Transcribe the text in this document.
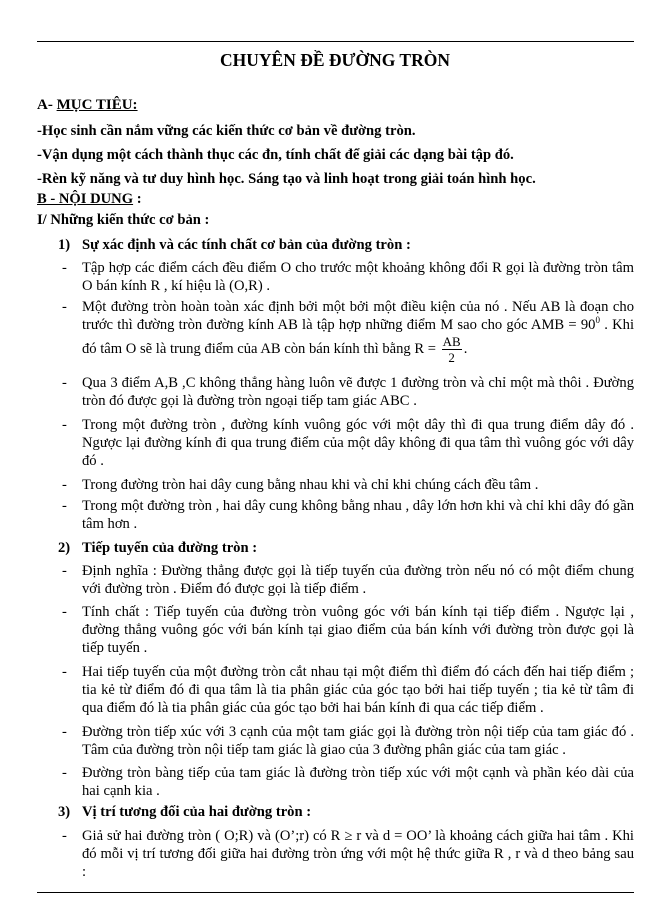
CHUYÊN ĐỀ ĐƯỜNG TRÒN
A- MỤC TIÊU:
-Học sinh cần nắm vững các kiến thức cơ bản về đường tròn.
-Vận dụng một cách thành thục các đn, tính chất để giải các dạng bài tập đó.
-Rèn kỹ năng và tư duy hình học. Sáng tạo và linh hoạt trong giải toán hình học.
B - NỘI DUNG :
I/ Những kiến thức cơ bản :
1) Sự xác định và các tính chất cơ bản của đường tròn :
- Tập hợp các điểm cách đều điểm O cho trước một khoảng không đổi R gọi là đường tròn tâm O bán kính R , kí hiệu là (O,R) .
- Một đường tròn hoàn toàn xác định bởi một bởi một điều kiện của nó . Nếu AB là đoạn cho trước thì đường tròn đường kính AB là tập hợp những điểm M sao cho góc AMB = $90^0$ . Khi đó tâm O sẽ là trung điểm của AB còn bán kính thì bằng $R = \frac{AB}{2}$ .
- Qua 3 điểm A,B ,C không thẳng hàng luôn vẽ được 1 đường tròn và chỉ một mà thôi . Đường tròn đó được gọi là đường tròn ngoại tiếp tam giác ABC .
- Trong một đường tròn , đường kính vuông góc với một dây thì đi qua trung điểm dây đó . Ngược lại đường kính đi qua trung điểm của một dây không đi qua tâm thì vuông góc với dây đó .
- Trong đường tròn hai dây cung bằng nhau khi và chỉ khi chúng cách đều tâm .
- Trong một đường tròn , hai dây cung không bằng nhau , dây lớn hơn khi và chỉ khi dây đó gần tâm hơn .
2) Tiếp tuyến của đường tròn :
- Định nghĩa : Đường thẳng được gọi là tiếp tuyến của đường tròn nếu nó có một điểm chung với đường tròn . Điểm đó được gọi là tiếp điểm .
- Tính chất : Tiếp tuyến của đường tròn vuông góc với bán kính tại tiếp điểm . Ngược lại , đường thẳng vuông góc với bán kính tại giao điểm của bán kính với đường tròn được gọi là tiếp tuyến .
- Hai tiếp tuyến của một đường tròn cắt nhau tại một điểm thì điểm đó cách đến hai tiếp điểm ; tia kẻ từ điểm đó đi qua tâm là tia phân giác của góc tạo bởi hai tiếp tuyến ; tia kẻ từ tâm đi qua điểm đó là tia phân giác của góc tạo bởi hai bán kính đi qua các tiếp điểm .
- Đường tròn tiếp xúc với 3 cạnh của một tam giác gọi là đường tròn nội tiếp của tam giác đó . Tâm của đường tròn nội tiếp tam giác là giao của 3 đường phân giác của tam giác .
- Đường tròn bàng tiếp của tam giác là đường tròn tiếp xúc với một cạnh và phần kéo dài của hai cạnh kia .
3) Vị trí tương đối của hai đường tròn :
- Giả sử hai đường tròn ( O;R) và (O’;r) có R ≥ r và d = OO’ là khoảng cách giữa hai tâm . Khi đó mỗi vị trí tương đối giữa hai đường tròn ứng với một hệ thức giữa R , r và d theo bảng sau :
